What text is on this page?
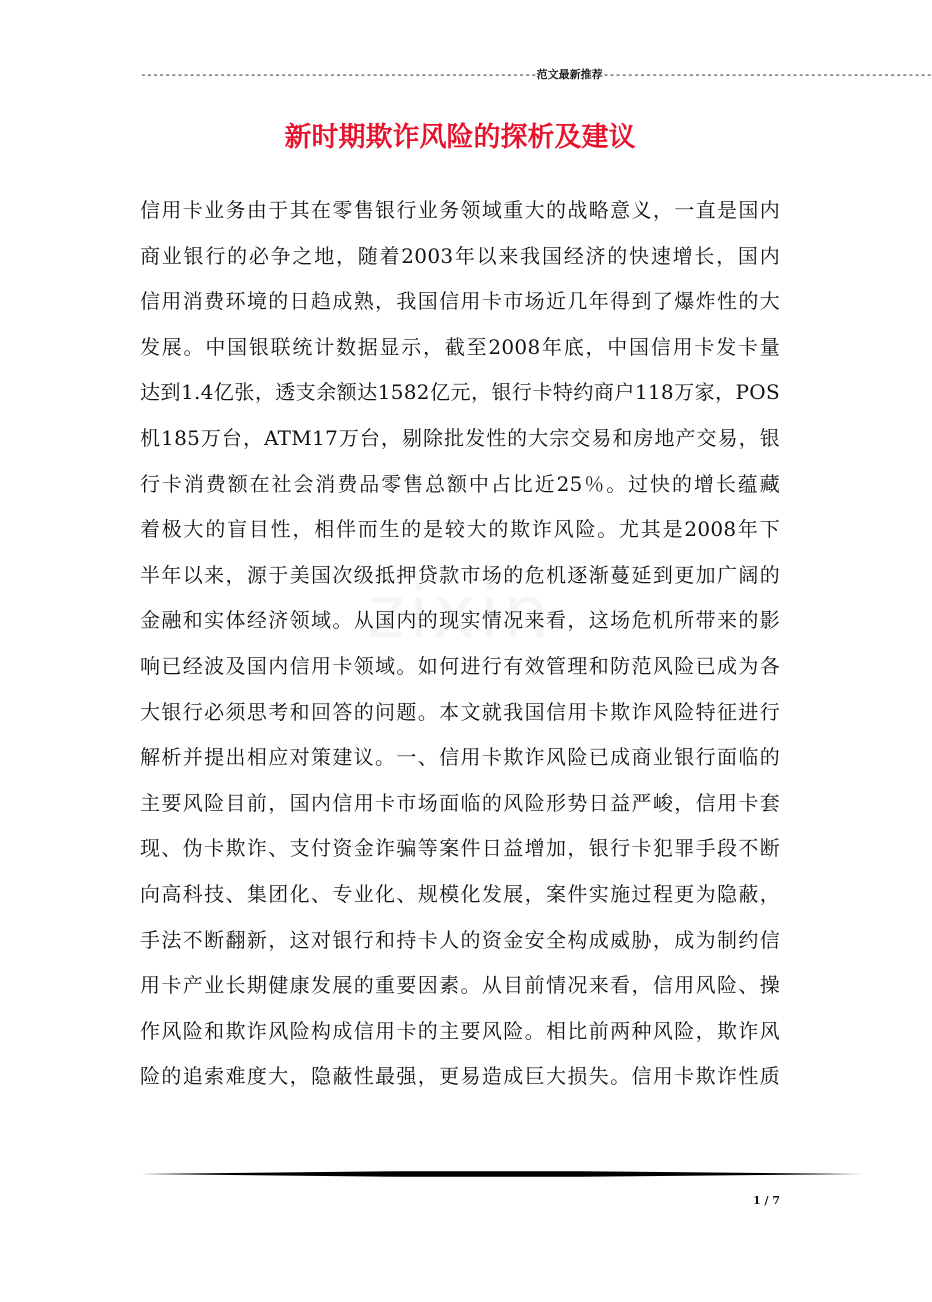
-----------------------------------------------------------------范文最新推荐------------------------------------------------------
新时期欺诈风险的探析及建议
zixin
信用卡业务由于其在零售银行业务领域重大的战略意义，一直是国内
商业银行的必争之地，随着2003年以来我国经济的快速增长，国内
信用消费环境的日趋成熟，我国信用卡市场近几年得到了爆炸性的大
发展。中国银联统计数据显示，截至2008年底，中国信用卡发卡量
达到1.4亿张，透支余额达1582亿元，银行卡特约商户118万家，POS
机185万台，ATM17万台，剔除批发性的大宗交易和房地产交易，银
行卡消费额在社会消费品零售总额中占比近25％。过快的增长蕴藏
着极大的盲目性，相伴而生的是较大的欺诈风险。尤其是2008年下
半年以来，源于美国次级抵押贷款市场的危机逐渐蔓延到更加广阔的
金融和实体经济领域。从国内的现实情况来看，这场危机所带来的影
响已经波及国内信用卡领域。如何进行有效管理和防范风险已成为各
大银行必须思考和回答的问题。本文就我国信用卡欺诈风险特征进行
解析并提出相应对策建议。一、信用卡欺诈风险已成商业银行面临的
主要风险目前，国内信用卡市场面临的风险形势日益严峻，信用卡套
现、伪卡欺诈、支付资金诈骗等案件日益增加，银行卡犯罪手段不断
向高科技、集团化、专业化、规模化发展，案件实施过程更为隐蔽，
手法不断翻新，这对银行和持卡人的资金安全构成威胁，成为制约信
用卡产业长期健康发展的重要因素。从目前情况来看，信用风险、操
作风险和欺诈风险构成信用卡的主要风险。相比前两种风险，欺诈风
险的追索难度大，隐蔽性最强，更易造成巨大损失。信用卡欺诈性质
1 / 7
